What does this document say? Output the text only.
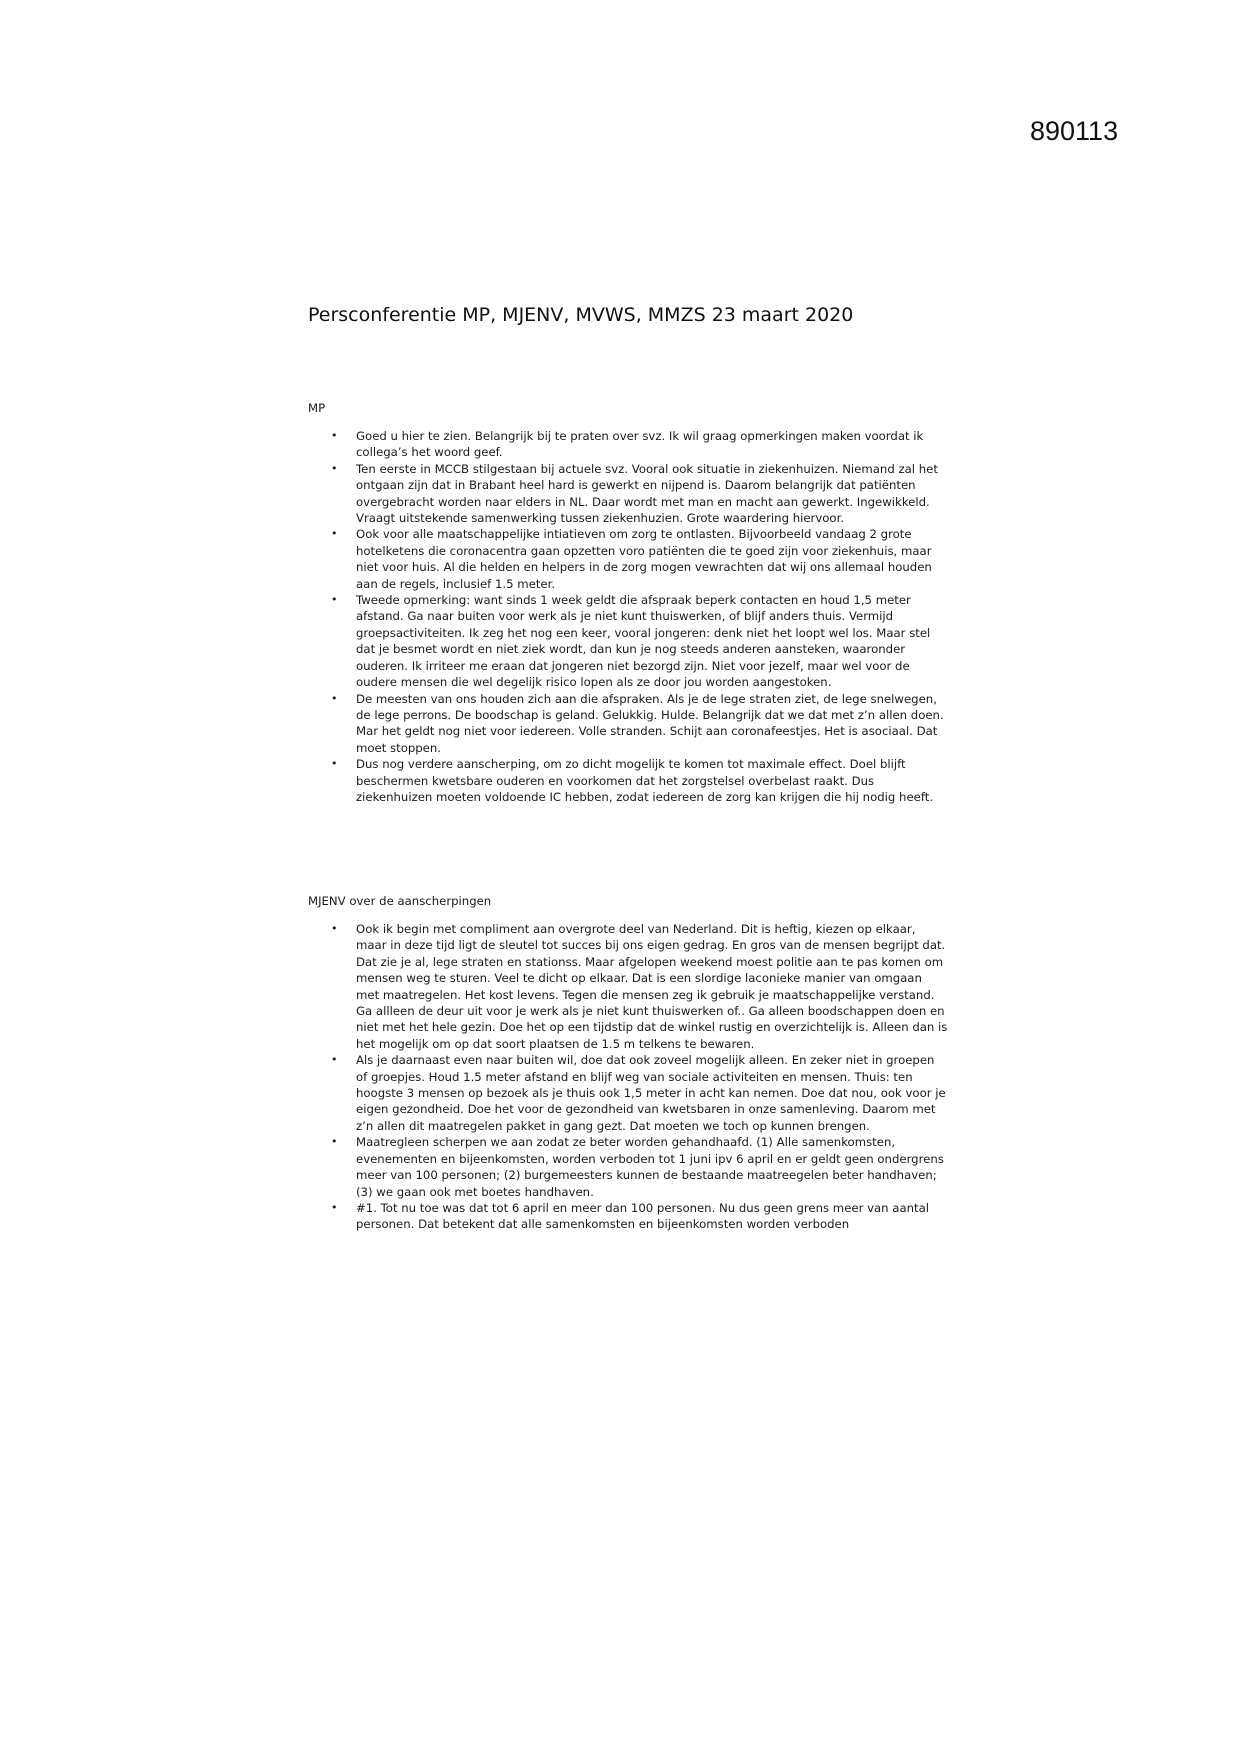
890113
Persconferentie MP, MJENV, MVWS, MMZS 23 maart 2020
MP
• Goed u hier te zien. Belangrijk bij te praten over svz. Ik wil graag opmerkingen maken voordat ik collega’s het woord geef.
• Ten eerste in MCCB stilgestaan bij actuele svz. Vooral ook situatie in ziekenhuizen. Niemand zal het ontgaan zijn dat in Brabant heel hard is gewerkt en nijpend is. Daarom belangrijk dat patiënten overgebracht worden naar elders in NL. Daar wordt met man en macht aan gewerkt. Ingewikkeld. Vraagt uitstekende samenwerking tussen ziekenhuzien. Grote waardering hiervoor.
• Ook voor alle maatschappelijke intiatieven om zorg te ontlasten. Bijvoorbeeld vandaag 2 grote hotelketens die coronacentra gaan opzetten voro patiënten die te goed zijn voor ziekenhuis, maar niet voor huis. Al die helden en helpers in de zorg mogen vewrachten dat wij ons allemaal houden aan de regels, inclusief 1.5 meter.
• Tweede opmerking: want sinds 1 week geldt die afspraak beperk contacten en houd 1,5 meter afstand. Ga naar buiten voor werk als je niet kunt thuiswerken, of blijf anders thuis. Vermijd groepsactiviteiten. Ik zeg het nog een keer, vooral jongeren: denk niet het loopt wel los. Maar stel dat je besmet wordt en niet ziek wordt, dan kun je nog steeds anderen aansteken, waaronder ouderen. Ik irriteer me eraan dat jongeren niet bezorgd zijn. Niet voor jezelf, maar wel voor de oudere mensen die wel degelijk risico lopen als ze door jou worden aangestoken.
• De meesten van ons houden zich aan die afspraken. Als je de lege straten ziet, de lege snelwegen, de lege perrons. De boodschap is geland. Gelukkig. Hulde. Belangrijk dat we dat met z’n allen doen. Mar het geldt nog niet voor iedereen. Volle stranden. Schijt aan coronafeestjes. Het is asociaal. Dat moet stoppen.
• Dus nog verdere aanscherping, om zo dicht mogelijk te komen tot maximale effect. Doel blijft beschermen kwetsbare ouderen en voorkomen dat het zorgstelsel overbelast raakt. Dus ziekenhuizen moeten voldoende IC hebben, zodat iedereen de zorg kan krijgen die hij nodig heeft.
MJENV over de aanscherpingen
• Ook ik begin met compliment aan overgrote deel van Nederland. Dit is heftig, kiezen op elkaar, maar in deze tijd ligt de sleutel tot succes bij ons eigen gedrag. En gros van de mensen begrijpt dat. Dat zie je al, lege straten en stationss. Maar afgelopen weekend moest politie aan te pas komen om mensen weg te sturen. Veel te dicht op elkaar. Dat is een slordige laconieke manier van omgaan met maatregelen. Het kost levens. Tegen die mensen zeg ik gebruik je maatschappelijke verstand. Ga allleen de deur uit voor je werk als je niet kunt thuiswerken of.. Ga alleen boodschappen doen en niet met het hele gezin. Doe het op een tijdstip dat de winkel rustig en overzichtelijk is. Alleen dan is het mogelijk om op dat soort plaatsen de 1.5 m telkens te bewaren.
• Als je daarnaast even naar buiten wil, doe dat ook zoveel mogelijk alleen. En zeker niet in groepen of groepjes. Houd 1.5 meter afstand en blijf weg van sociale activiteiten en mensen. Thuis: ten hoogste 3 mensen op bezoek als je thuis ook 1,5 meter in acht kan nemen. Doe dat nou, ook voor je eigen gezondheid. Doe het voor de gezondheid van kwetsbaren in onze samenleving. Daarom met z’n allen dit maatregelen pakket in gang gezt. Dat moeten we toch op kunnen brengen.
• Maatregleen scherpen we aan zodat ze beter worden gehandhaafd. (1) Alle samenkomsten, evenementen en bijeenkomsten, worden verboden tot 1 juni ipv 6 april en er geldt geen ondergrens meer van 100 personen; (2) burgemeesters kunnen de bestaande maatreegelen beter handhaven; (3) we gaan ook met boetes handhaven.
• #1. Tot nu toe was dat tot 6 april en meer dan 100 personen. Nu dus geen grens meer van aantal personen. Dat betekent dat alle samenkomsten en bijeenkomsten worden verboden
